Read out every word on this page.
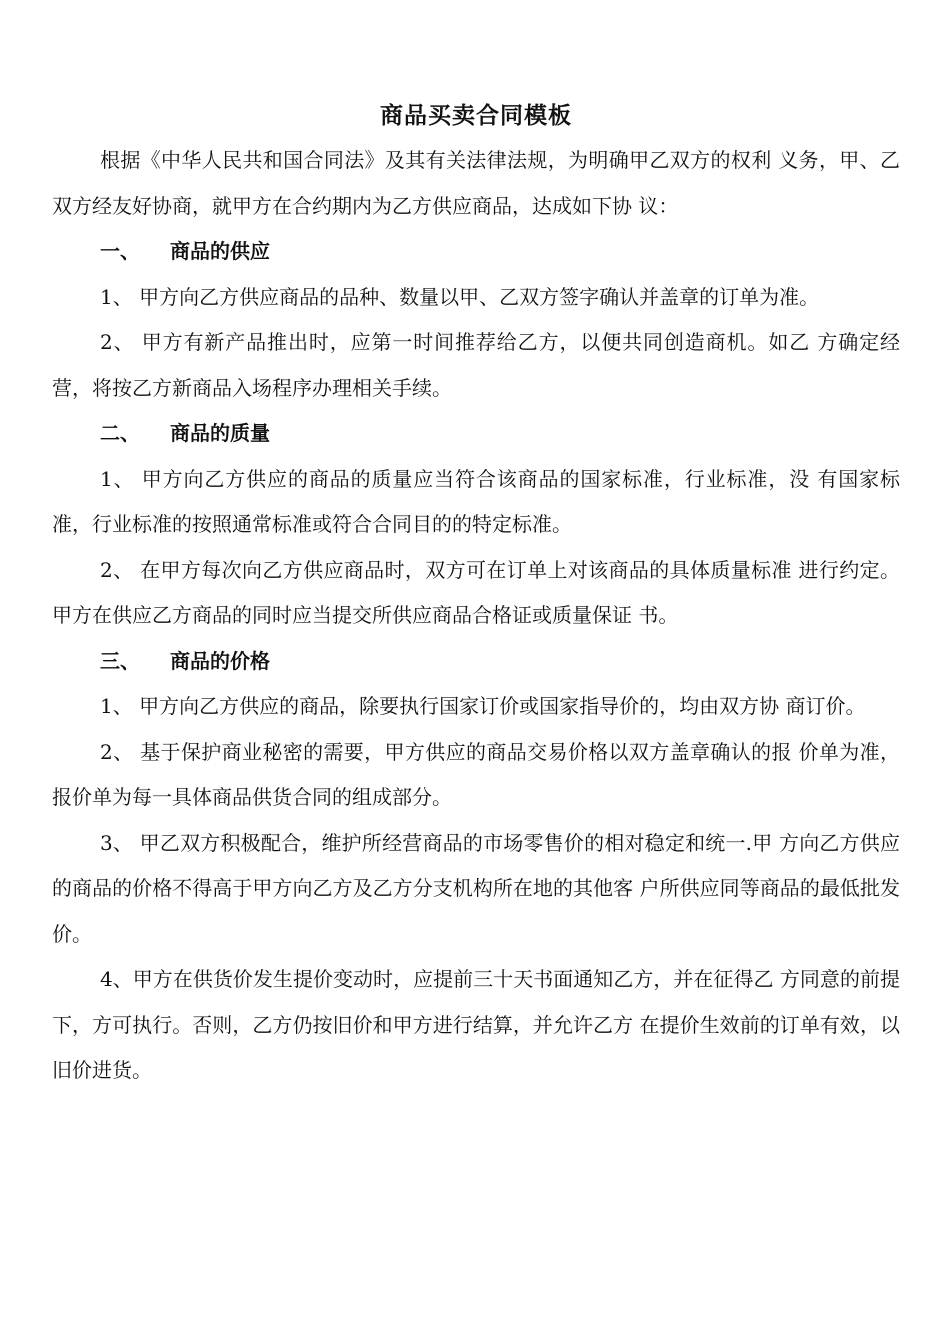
商品买卖合同模板

根据《中华人民共和国合同法》及其有关法律法规，为明确甲乙双方的权利 义务，甲、乙双方经友好协商，就甲方在合约期内为乙方供应商品，达成如下协 议：

一、 商品的供应

1、 甲方向乙方供应商品的品种、数量以甲、乙双方签字确认并盖章的订单为准。

2、 甲方有新产品推出时，应第一时间推荐给乙方，以便共同创造商机。如乙 方确定经营，将按乙方新商品入场程序办理相关手续。

二、 商品的质量

1、 甲方向乙方供应的商品的质量应当符合该商品的国家标准，行业标准，没 有国家标准，行业标准的按照通常标准或符合合同目的的特定标准。

2、 在甲方每次向乙方供应商品时，双方可在订单上对该商品的具体质量标准 进行约定。甲方在供应乙方商品的同时应当提交所供应商品合格证或质量保证 书。

三、 商品的价格

1、 甲方向乙方供应的商品，除要执行国家订价或国家指导价的，均由双方协 商订价。

2、 基于保护商业秘密的需要，甲方供应的商品交易价格以双方盖章确认的报 价单为准，报价单为每一具体商品供货合同的组成部分。

3、 甲乙双方积极配合，维护所经营商品的市场零售价的相对稳定和统一.甲 方向乙方供应的商品的价格不得高于甲方向乙方及乙方分支机构所在地的其他客 户所供应同等商品的最低批发价。

4、甲方在供货价发生提价变动时，应提前三十天书面通知乙方，并在征得乙 方同意的前提下，方可执行。否则，乙方仍按旧价和甲方进行结算，并允许乙方 在提价生效前的订单有效，以旧价进货。
